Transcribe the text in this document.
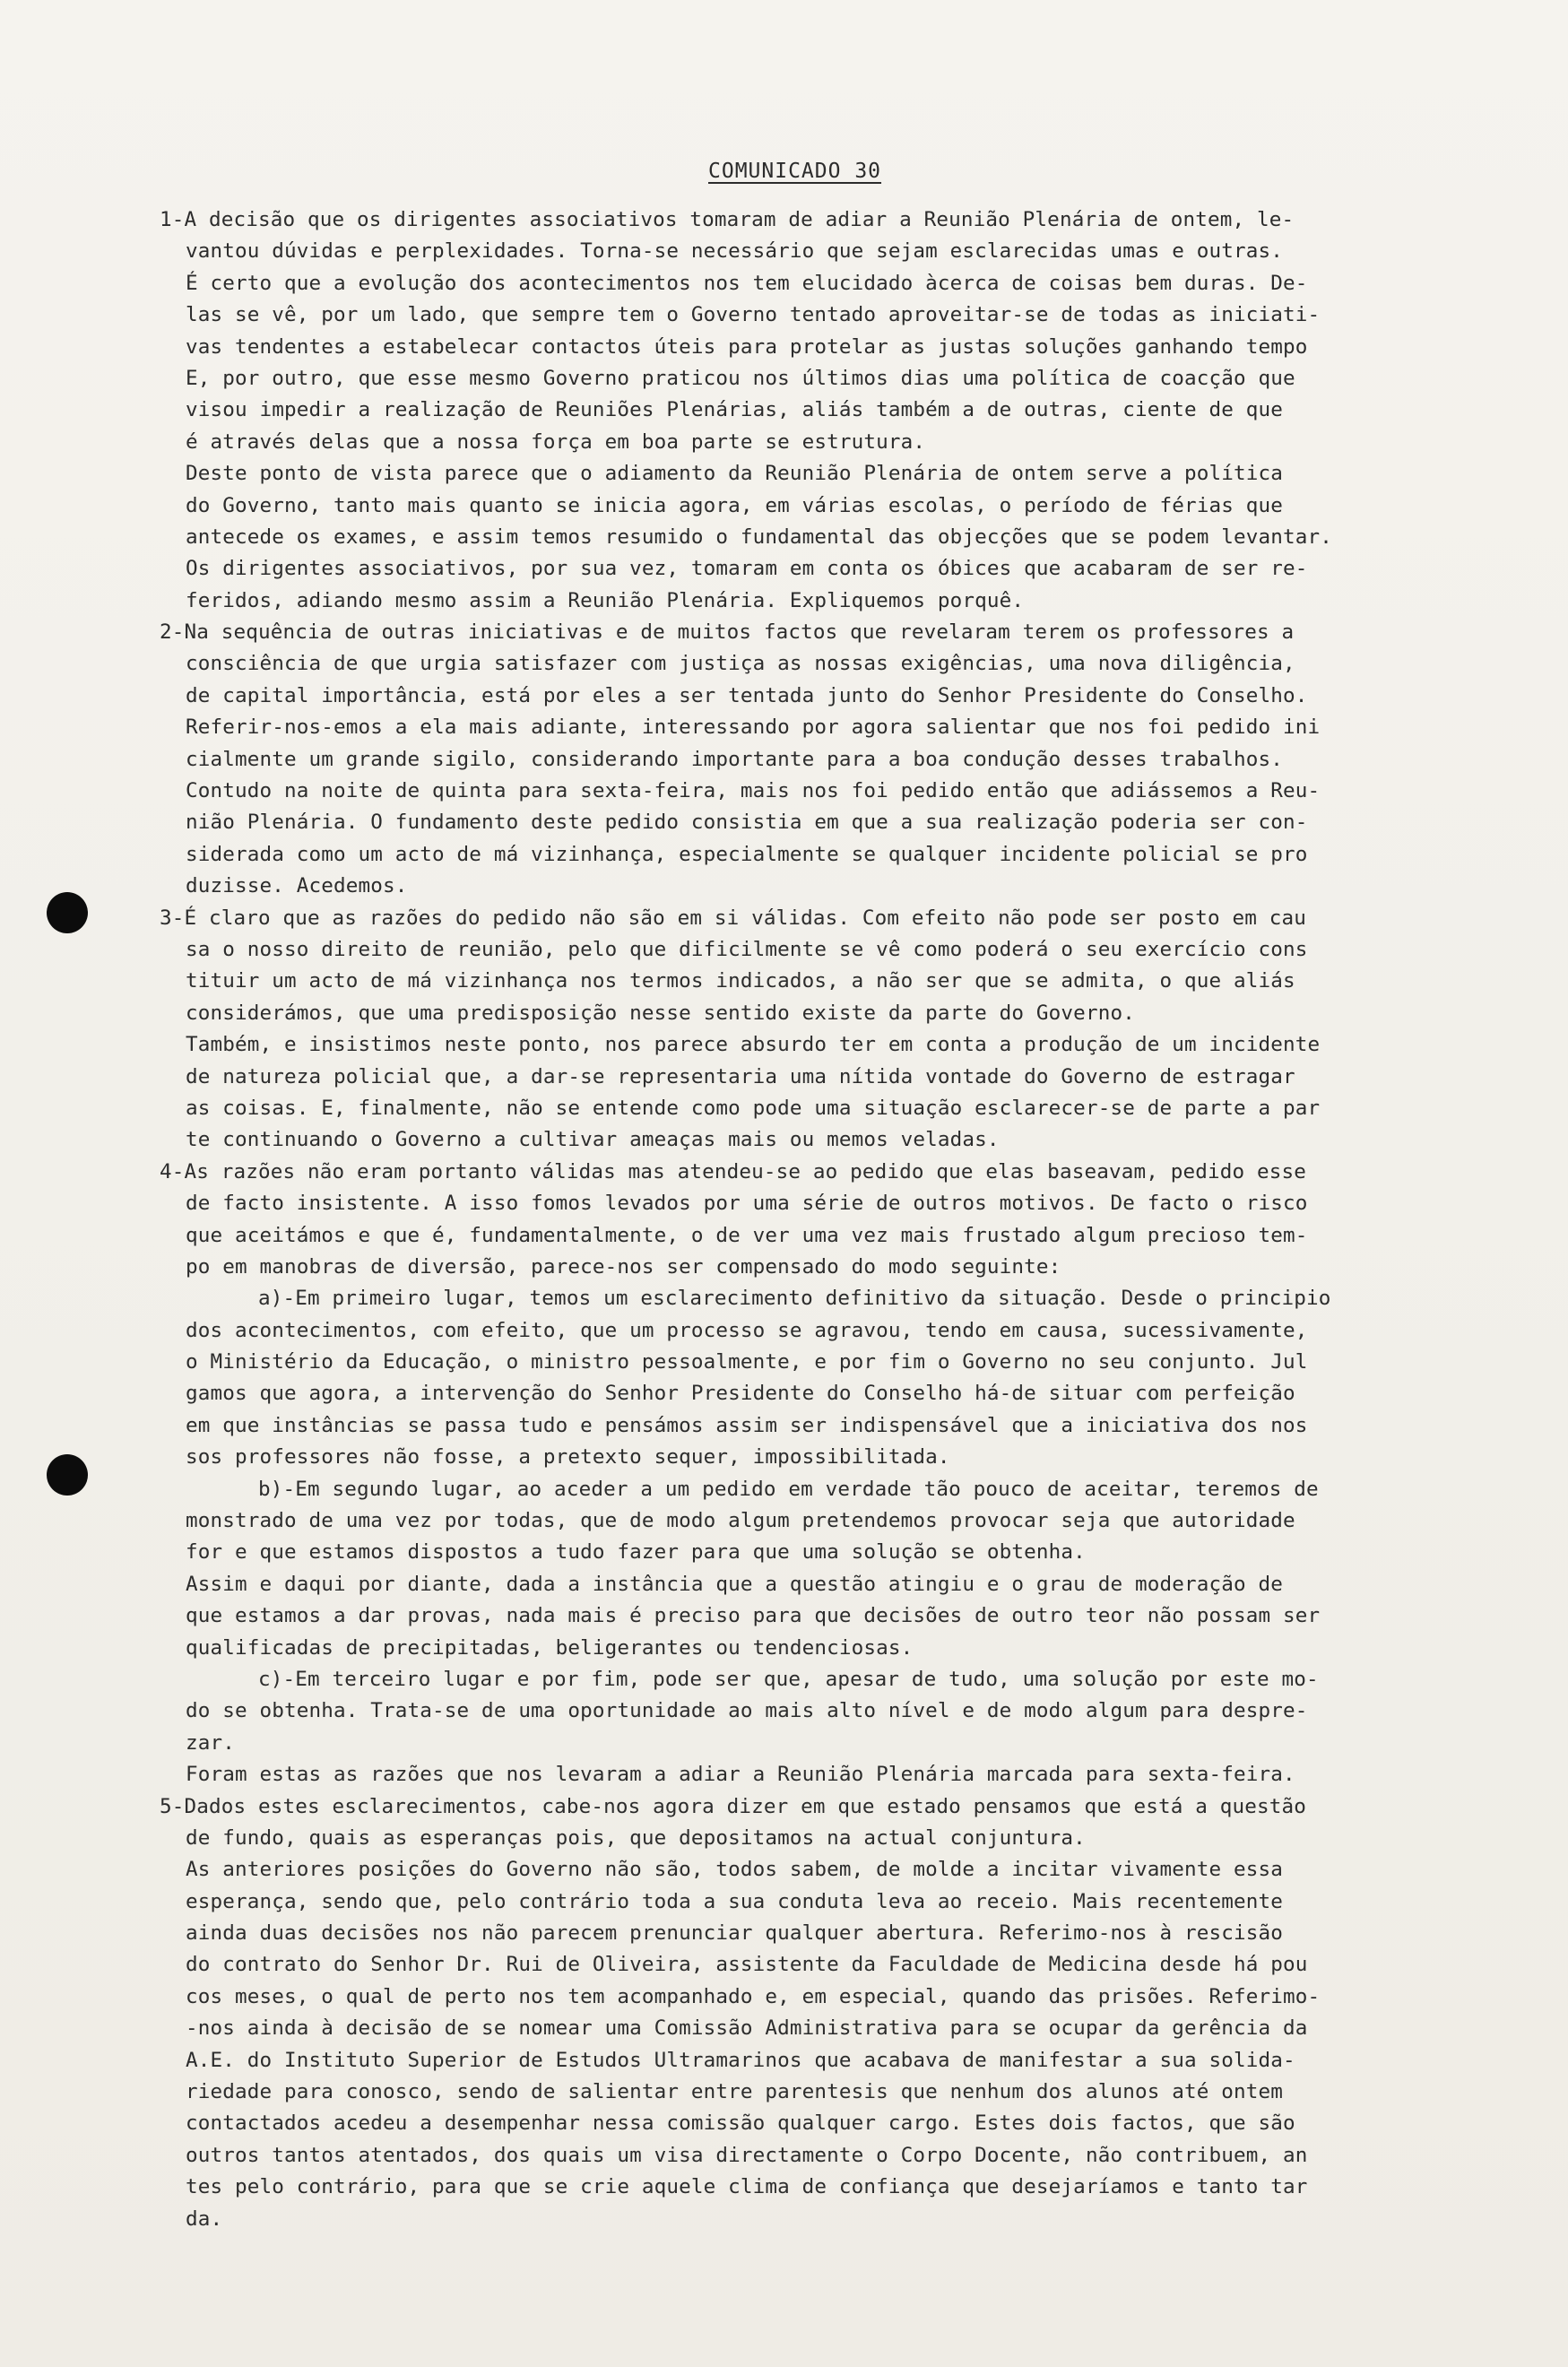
COMUNICADO 30
1-A decisão que os dirigentes associativos tomaram de adiar a Reunião Plenária de ontem, le-
vantou dúvidas e perplexidades. Torna-se necessário que sejam esclarecidas umas e outras.
É certo que a evolução dos acontecimentos nos tem elucidado àcerca de coisas bem duras. De-
las se vê, por um lado, que sempre tem o Governo tentado aproveitar-se de todas as iniciati-
vas tendentes a estabelecar contactos úteis para protelar as justas soluções ganhando tempo
E, por outro, que esse mesmo Governo praticou nos últimos dias uma política de coacção que
visou impedir a realização de Reuniões Plenárias, aliás também a de outras, ciente de que
é através delas que a nossa força em boa parte se estrutura.
Deste ponto de vista parece que o adiamento da Reunião Plenária de ontem serve a política
do Governo, tanto mais quanto se inicia agora, em várias escolas, o período de férias que
antecede os exames, e assim temos resumido o fundamental das objecções que se podem levantar.
Os dirigentes associativos, por sua vez, tomaram em conta os óbices que acabaram de ser re-
feridos, adiando mesmo assim a Reunião Plenária. Expliquemos porquê.
2-Na sequência de outras iniciativas e de muitos factos que revelaram terem os professores a
consciência de que urgia satisfazer com justiça as nossas exigências, uma nova diligência,
de capital importância, está por eles a ser tentada junto do Senhor Presidente do Conselho.
Referir-nos-emos a ela mais adiante, interessando por agora salientar que nos foi pedido ini
cialmente um grande sigilo, considerando importante para a boa condução desses trabalhos.
Contudo na noite de quinta para sexta-feira, mais nos foi pedido então que adiássemos a Reu-
nião Plenária. O fundamento deste pedido consistia em que a sua realização poderia ser con-
siderada como um acto de má vizinhança, especialmente se qualquer incidente policial se pro
duzisse. Acedemos.
3-É claro que as razões do pedido não são em si válidas. Com efeito não pode ser posto em cau
sa o nosso direito de reunião, pelo que dificilmente se vê como poderá o seu exercício cons
tituir um acto de má vizinhança nos termos indicados, a não ser que se admita, o que aliás
considerámos, que uma predisposição nesse sentido existe da parte do Governo.
Também, e insistimos neste ponto, nos parece absurdo ter em conta a produção de um incidente
de natureza policial que, a dar-se representaria uma nítida vontade do Governo de estragar
as coisas. E, finalmente, não se entende como pode uma situação esclarecer-se de parte a par
te continuando o Governo a cultivar ameaças mais ou memos veladas.
4-As razões não eram portanto válidas mas atendeu-se ao pedido que elas baseavam, pedido esse
de facto insistente. A isso fomos levados por uma série de outros motivos. De facto o risco
que aceitámos e que é, fundamentalmente, o de ver uma vez mais frustado algum precioso tem-
po em manobras de diversão, parece-nos ser compensado do modo seguinte:
a)-Em primeiro lugar, temos um esclarecimento definitivo da situação. Desde o principio
dos acontecimentos, com efeito, que um processo se agravou, tendo em causa, sucessivamente,
o Ministério da Educação, o ministro pessoalmente, e por fim o Governo no seu conjunto. Jul
gamos que agora, a intervenção do Senhor Presidente do Conselho há-de situar com perfeição
em que instâncias se passa tudo e pensámos assim ser indispensável que a iniciativa dos nos
sos professores não fosse, a pretexto sequer, impossibilitada.
b)-Em segundo lugar, ao aceder a um pedido em verdade tão pouco de aceitar, teremos de
monstrado de uma vez por todas, que de modo algum pretendemos provocar seja que autoridade
for e que estamos dispostos a tudo fazer para que uma solução se obtenha.
Assim e daqui por diante, dada a instância que a questão atingiu e o grau de moderação de
que estamos a dar provas, nada mais é preciso para que decisões de outro teor não possam ser
qualificadas de precipitadas, beligerantes ou tendenciosas.
c)-Em terceiro lugar e por fim, pode ser que, apesar de tudo, uma solução por este mo-
do se obtenha. Trata-se de uma oportunidade ao mais alto nível e de modo algum para despre-
zar.
Foram estas as razões que nos levaram a adiar a Reunião Plenária marcada para sexta-feira.
5-Dados estes esclarecimentos, cabe-nos agora dizer em que estado pensamos que está a questão
de fundo, quais as esperanças pois, que depositamos na actual conjuntura.
As anteriores posições do Governo não são, todos sabem, de molde a incitar vivamente essa
esperança, sendo que, pelo contrário toda a sua conduta leva ao receio. Mais recentemente
ainda duas decisões nos não parecem prenunciar qualquer abertura. Referimo-nos à rescisão
do contrato do Senhor Dr. Rui de Oliveira, assistente da Faculdade de Medicina desde há pou
cos meses, o qual de perto nos tem acompanhado e, em especial, quando das prisões. Referimo-
-nos ainda à decisão de se nomear uma Comissão Administrativa para se ocupar da gerência da
A.E. do Instituto Superior de Estudos Ultramarinos que acabava de manifestar a sua solida-
riedade para conosco, sendo de salientar entre parentesis que nenhum dos alunos até ontem
contactados acedeu a desempenhar nessa comissão qualquer cargo. Estes dois factos, que são
outros tantos atentados, dos quais um visa directamente o Corpo Docente, não contribuem, an
tes pelo contrário, para que se crie aquele clima de confiança que desejaríamos e tanto tar
da.
